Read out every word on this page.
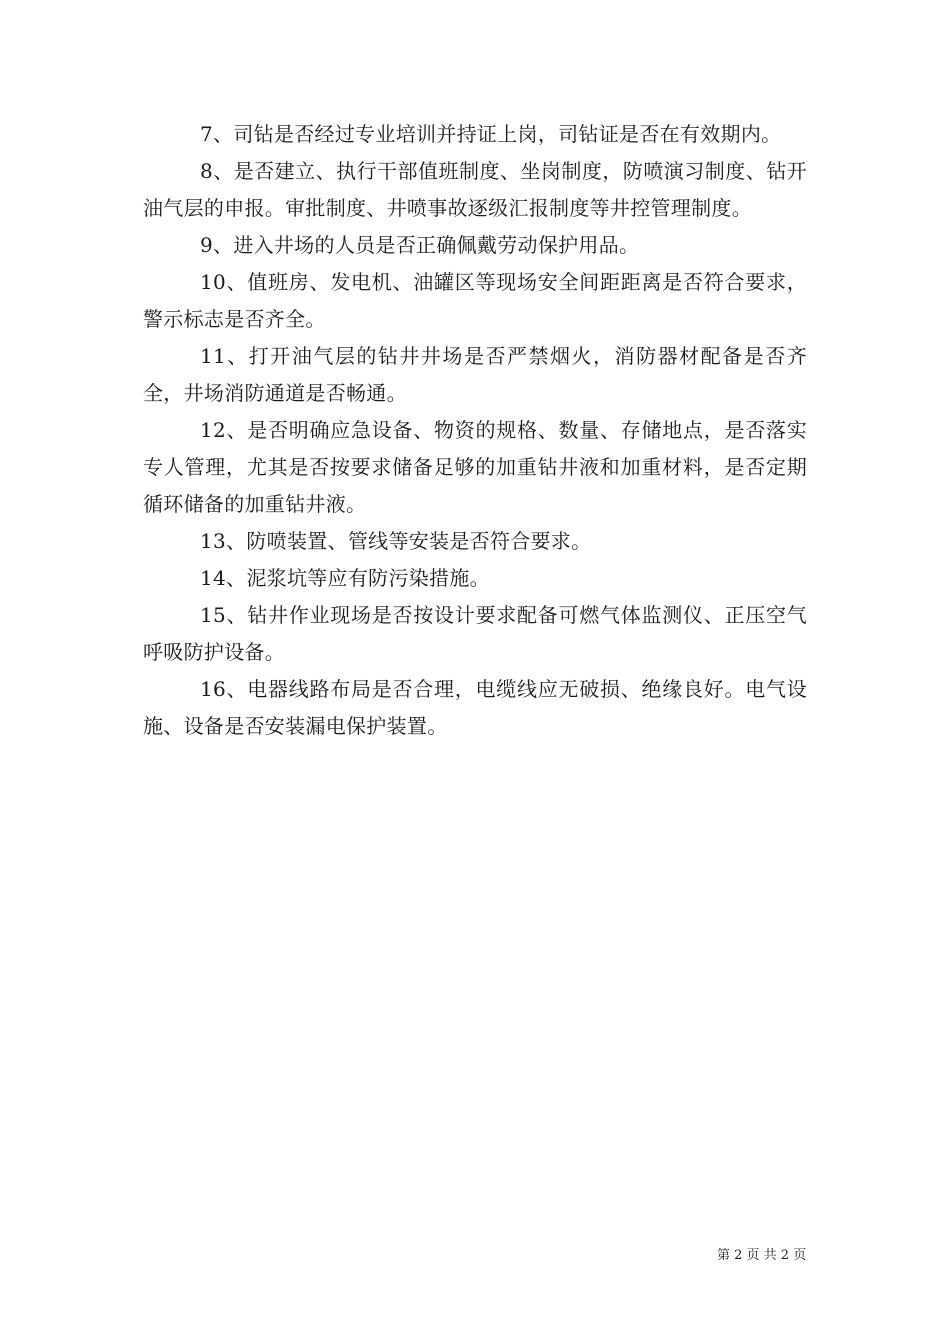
7、司钻是否经过专业培训并持证上岗，司钻证是否在有效期内。

8、是否建立、执行干部值班制度、坐岗制度，防喷演习制度、钻开油气层的申报。审批制度、井喷事故逐级汇报制度等井控管理制度。

9、进入井场的人员是否正确佩戴劳动保护用品。

10、值班房、发电机、油罐区等现场安全间距距离是否符合要求，警示标志是否齐全。

11、打开油气层的钻井井场是否严禁烟火，消防器材配备是否齐全，井场消防通道是否畅通。

12、是否明确应急设备、物资的规格、数量、存储地点，是否落实专人管理，尤其是否按要求储备足够的加重钻井液和加重材料，是否定期循环储备的加重钻井液。

13、防喷装置、管线等安装是否符合要求。

14、泥浆坑等应有防污染措施。

15、钻井作业现场是否按设计要求配备可燃气体监测仪、正压空气呼吸防护设备。

16、电器线路布局是否合理，电缆线应无破损、绝缘良好。电气设施、设备是否安装漏电保护装置。

第 2 页 共 2 页
